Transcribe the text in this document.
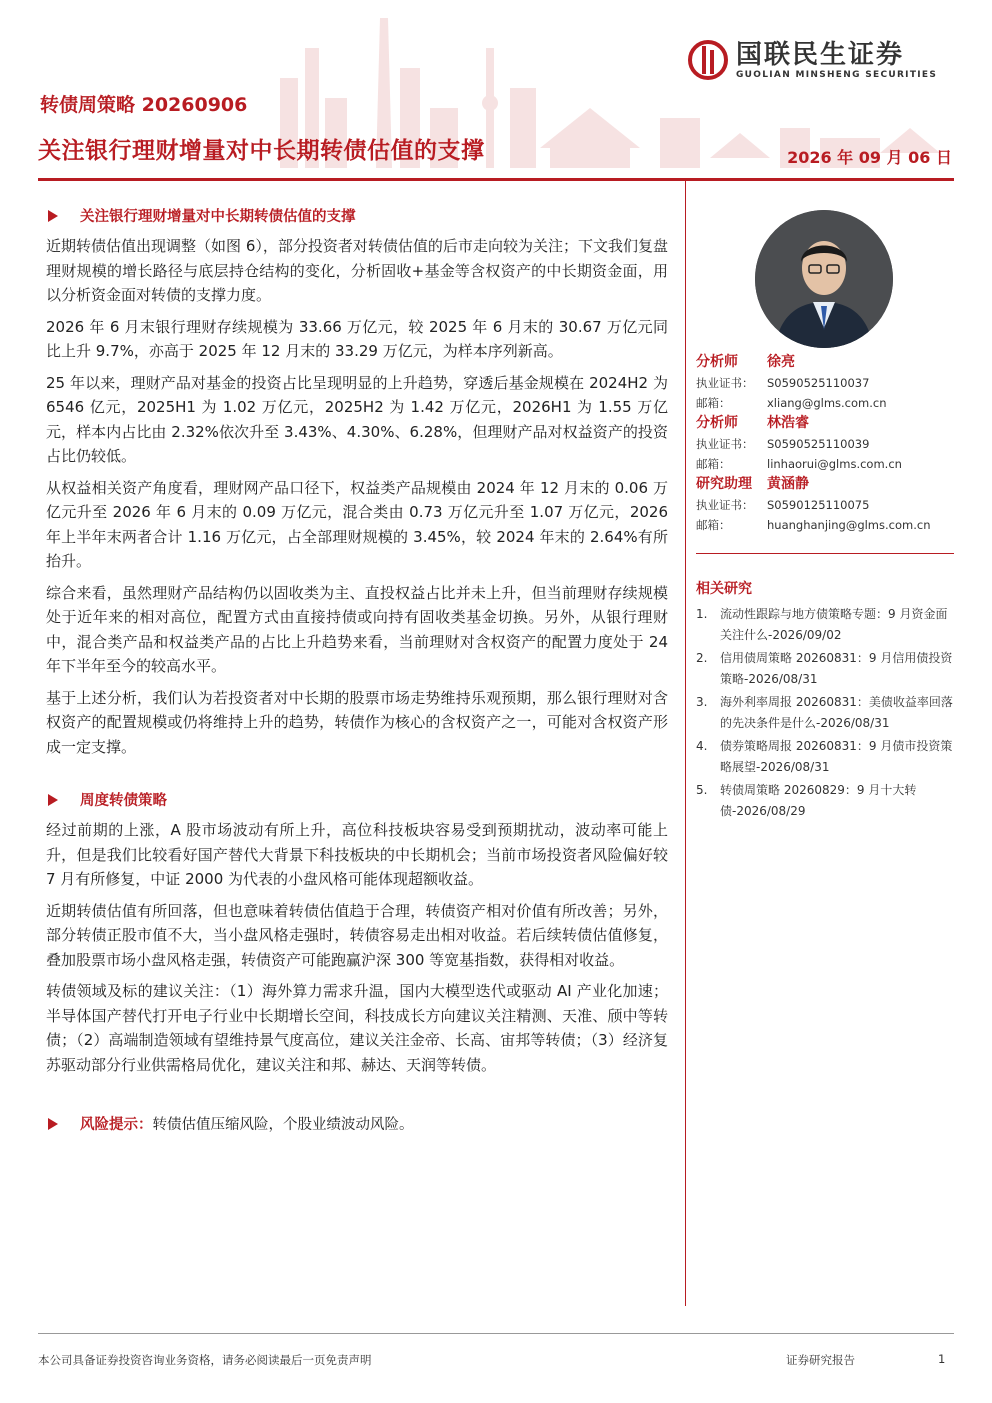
国联民生证券
GUOLIAN MINSHENG SECURITIES
转债周策略 20260906
关注银行理财增量对中长期转债估值的支撑	2026 年 09 月 06 日
关注银行理财增量对中长期转债估值的支撑

近期转债估值出现调整（如图 6），部分投资者对转债估值的后市走向较为关注；下文我们复盘理财规模的增长路径与底层持仓结构的变化，分析固收+基金等含权资产的中长期资金面，用以分析资金面对转债的支撑力度。

2026 年 6 月末银行理财存续规模为 33.66 万亿元，较 2025 年 6 月末的 30.67 万亿元同比上升 9.7%，亦高于 2025 年 12 月末的 33.29 万亿元，为样本序列新高。

25 年以来，理财产品对基金的投资占比呈现明显的上升趋势，穿透后基金规模在 2024H2 为 6546 亿元，2025H1 为 1.02 万亿元，2025H2 为 1.42 万亿元，2026H1 为 1.55 万亿元，样本内占比由 2.32%依次升至 3.43%、4.30%、6.28%，但理财产品对权益资产的投资占比仍较低。

从权益相关资产角度看，理财网产品口径下，权益类产品规模由 2024 年 12 月末的 0.06 万亿元升至 2026 年 6 月末的 0.09 万亿元，混合类由 0.73 万亿元升至 1.07 万亿元，2026 年上半年末两者合计 1.16 万亿元，占全部理财规模的 3.45%，较 2024 年末的 2.64%有所抬升。

综合来看，虽然理财产品结构仍以固收类为主、直投权益占比并未上升，但当前理财存续规模处于近年来的相对高位，配置方式由直接持债或向持有固收类基金切换。另外，从银行理财中，混合类产品和权益类产品的占比上升趋势来看，当前理财对含权资产的配置力度处于 24 年下半年至今的较高水平。

基于上述分析，我们认为若投资者对中长期的股票市场走势维持乐观预期，那么银行理财对含权资产的配置规模或仍将维持上升的趋势，转债作为核心的含权资产之一，可能对含权资产形成一定支撑。

周度转债策略

经过前期的上涨，A 股市场波动有所上升，高位科技板块容易受到预期扰动，波动率可能上升，但是我们比较看好国产替代大背景下科技板块的中长期机会；当前市场投资者风险偏好较 7 月有所修复，中证 2000 为代表的小盘风格可能体现超额收益。

近期转债估值有所回落，但也意味着转债估值趋于合理，转债资产相对价值有所改善；另外，部分转债正股市值不大，当小盘风格走强时，转债容易走出相对收益。若后续转债估值修复，叠加股票市场小盘风格走强，转债资产可能跑赢沪深 300 等宽基指数，获得相对收益。

转债领域及标的建议关注：（1）海外算力需求升温，国内大模型迭代或驱动 AI 产业化加速；半导体国产替代打开电子行业中长期增长空间，科技成长方向建议关注精测、天准、颀中等转债；（2）高端制造领域有望维持景气度高位，建议关注金帝、长高、宙邦等转债；（3）经济复苏驱动部分行业供需格局优化，建议关注和邦、赫达、天润等转债。

风险提示： 转债估值压缩风险，个股业绩波动风险。
分析师	徐亮
执业证书：	S0590525110037
邮箱：	xliang@glms.com.cn
分析师	林浩睿
执业证书：	S0590525110039
邮箱：	linhaorui@glms.com.cn
研究助理	黄涵静
执业证书：	S0590125110075
邮箱：	huanghanjing@glms.com.cn
相关研究
1.	流动性跟踪与地方债策略专题：9 月资金面关注什么-2026/09/02
2.	信用债周策略 20260831：9 月信用债投资策略-2026/08/31
3.	海外利率周报 20260831：美债收益率回落的先决条件是什么-2026/08/31
4.	债券策略周报 20260831：9 月债市投资策略展望-2026/08/31
5.	转债周策略 20260829：9 月十大转债-2026/08/29
本公司具备证券投资咨询业务资格，请务必阅读最后一页免责声明	证券研究报告	1
